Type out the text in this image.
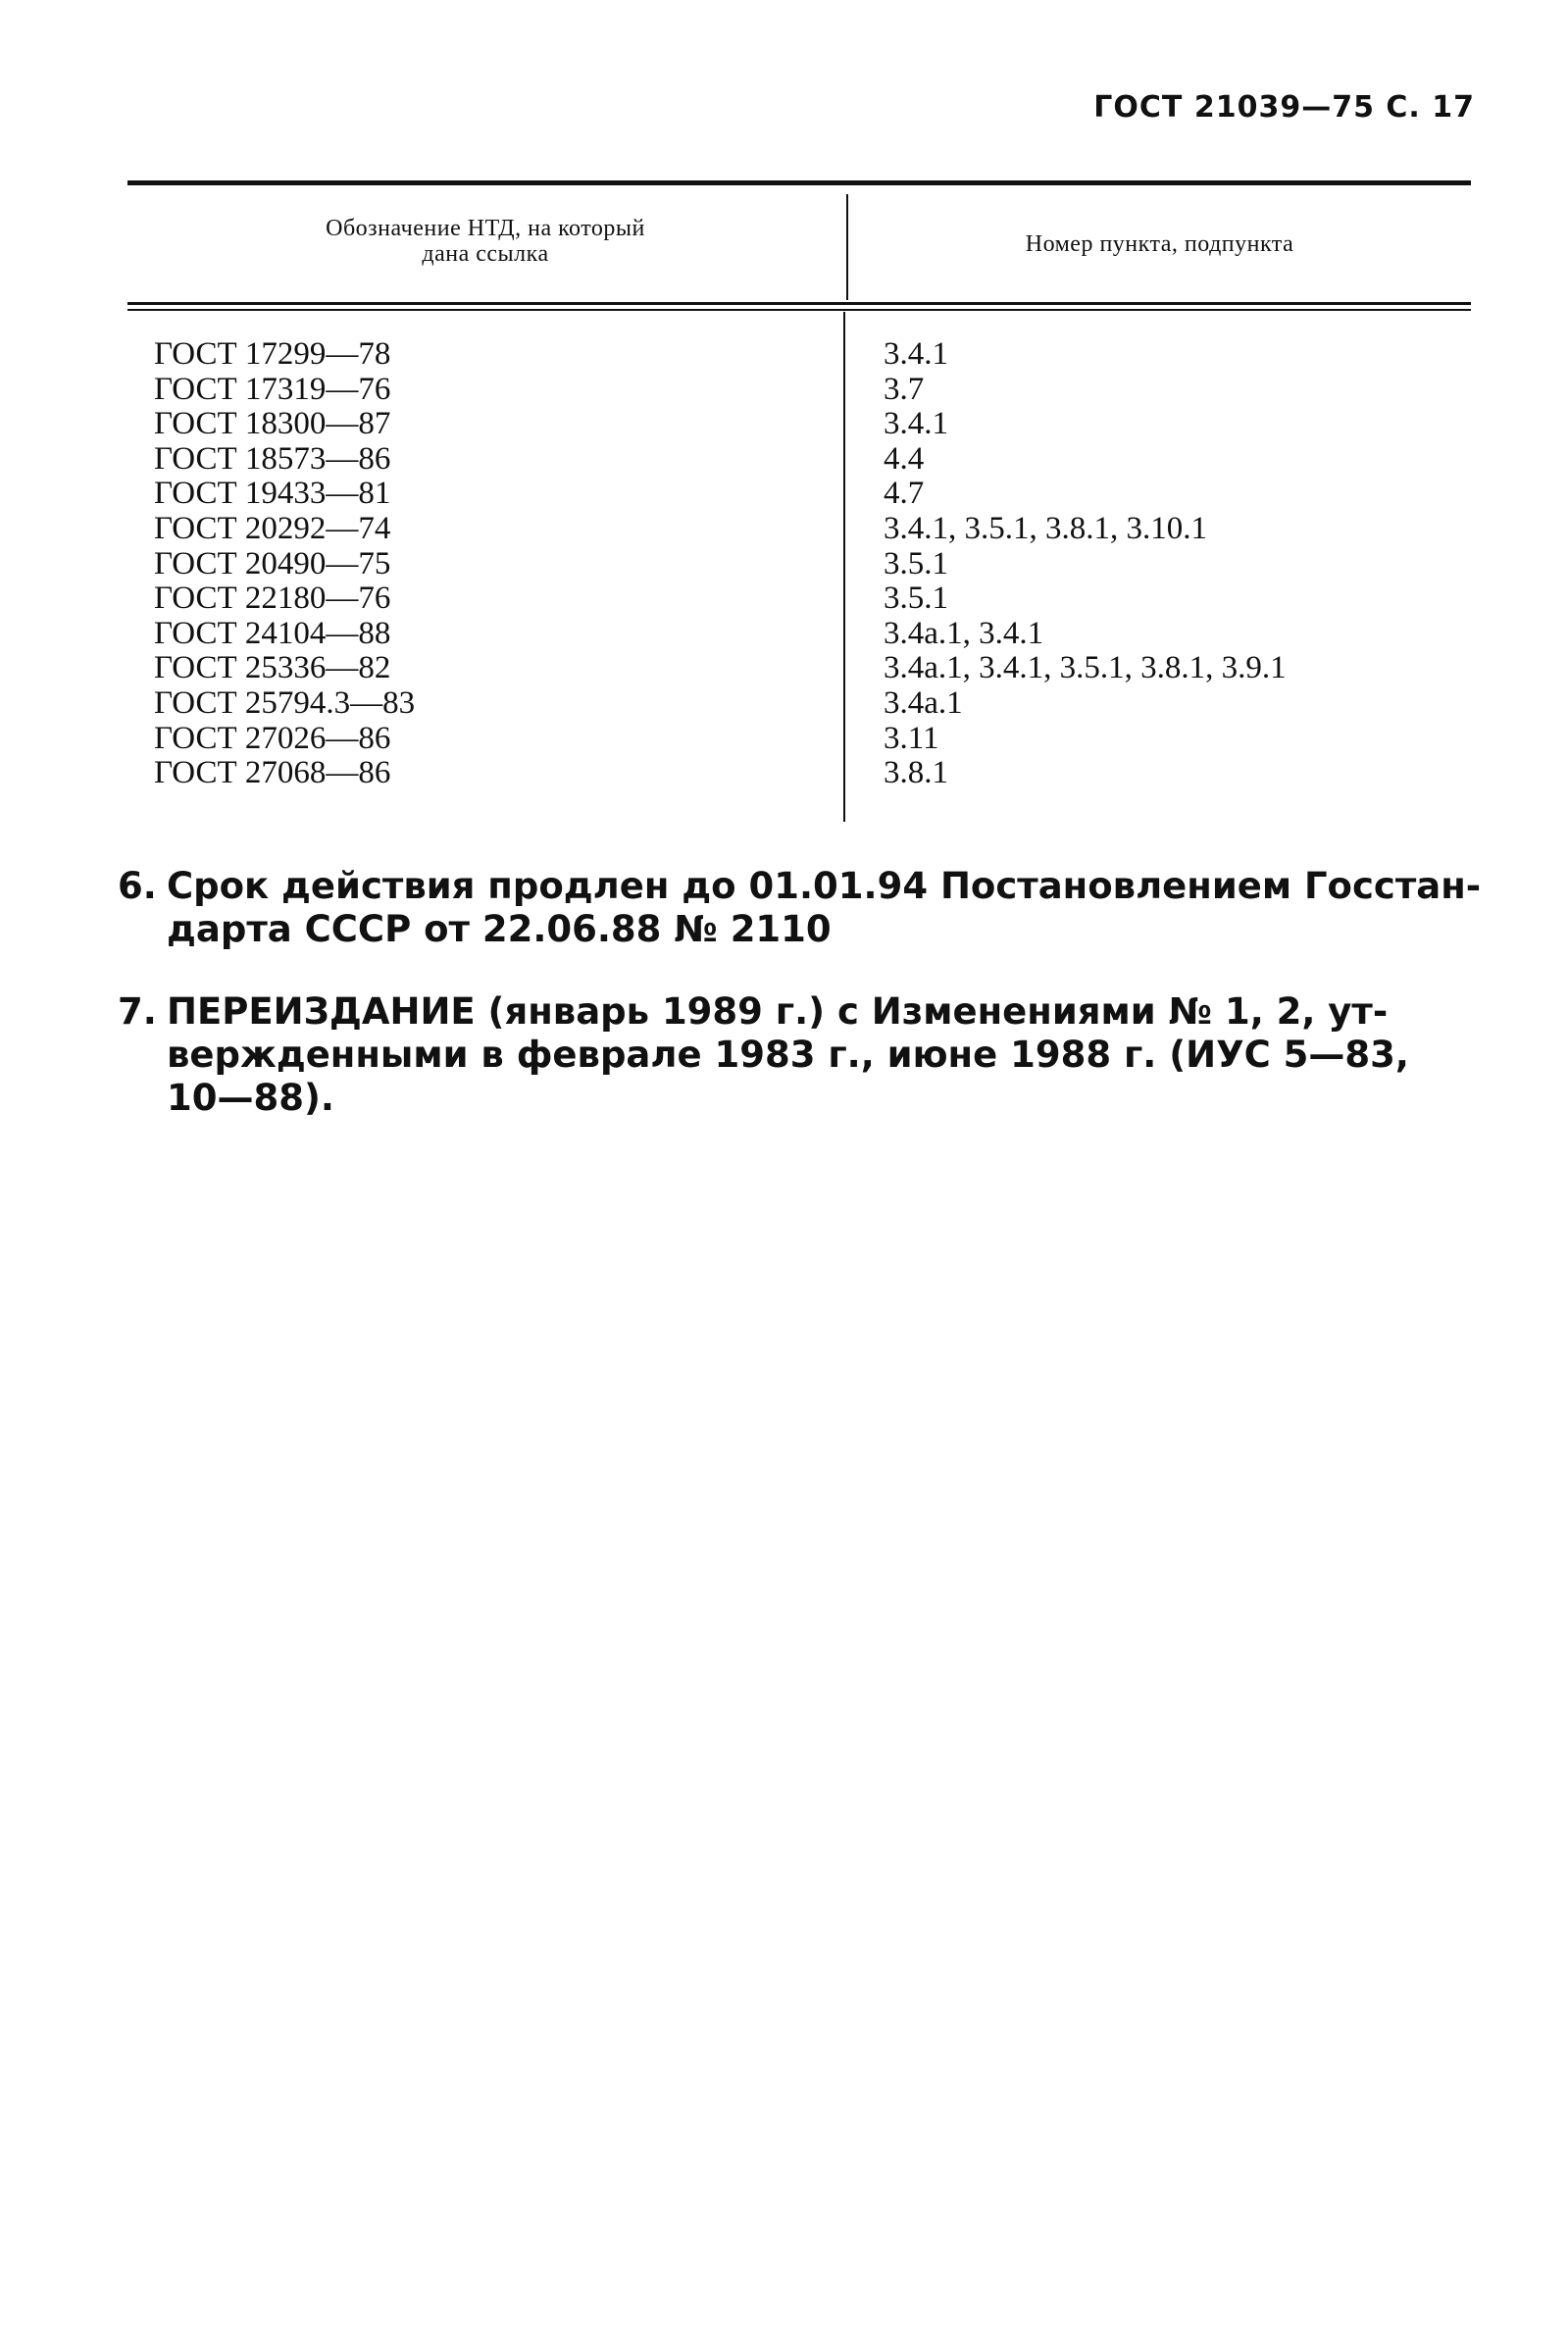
ГОСТ 21039—75 С. 17
Обозначение НТД, на который
дана ссылка	Номер пункта, подпункта
ГОСТ 17299—78
ГОСТ 17319—76
ГОСТ 18300—87
ГОСТ 18573—86
ГОСТ 19433—81
ГОСТ 20292—74
ГОСТ 20490—75
ГОСТ 22180—76
ГОСТ 24104—88
ГОСТ 25336—82
ГОСТ 25794.3—83
ГОСТ 27026—86
ГОСТ 27068—86
3.4.1
3.7
3.4.1
4.4
4.7
3.4.1, 3.5.1, 3.8.1, 3.10.1
3.5.1
3.5.1
3.4а.1, 3.4.1
3.4а.1, 3.4.1, 3.5.1, 3.8.1, 3.9.1
3.4а.1
3.11
3.8.1
6. Срок действия продлен до 01.01.94 Постановлением Госстан-
дарта СССР от 22.06.88 № 2110
7. ПЕРЕИЗДАНИЕ (январь 1989 г.) с Изменениями № 1, 2, ут-
вержденными в феврале 1983 г., июне 1988 г. (ИУС 5—83,
10—88).
